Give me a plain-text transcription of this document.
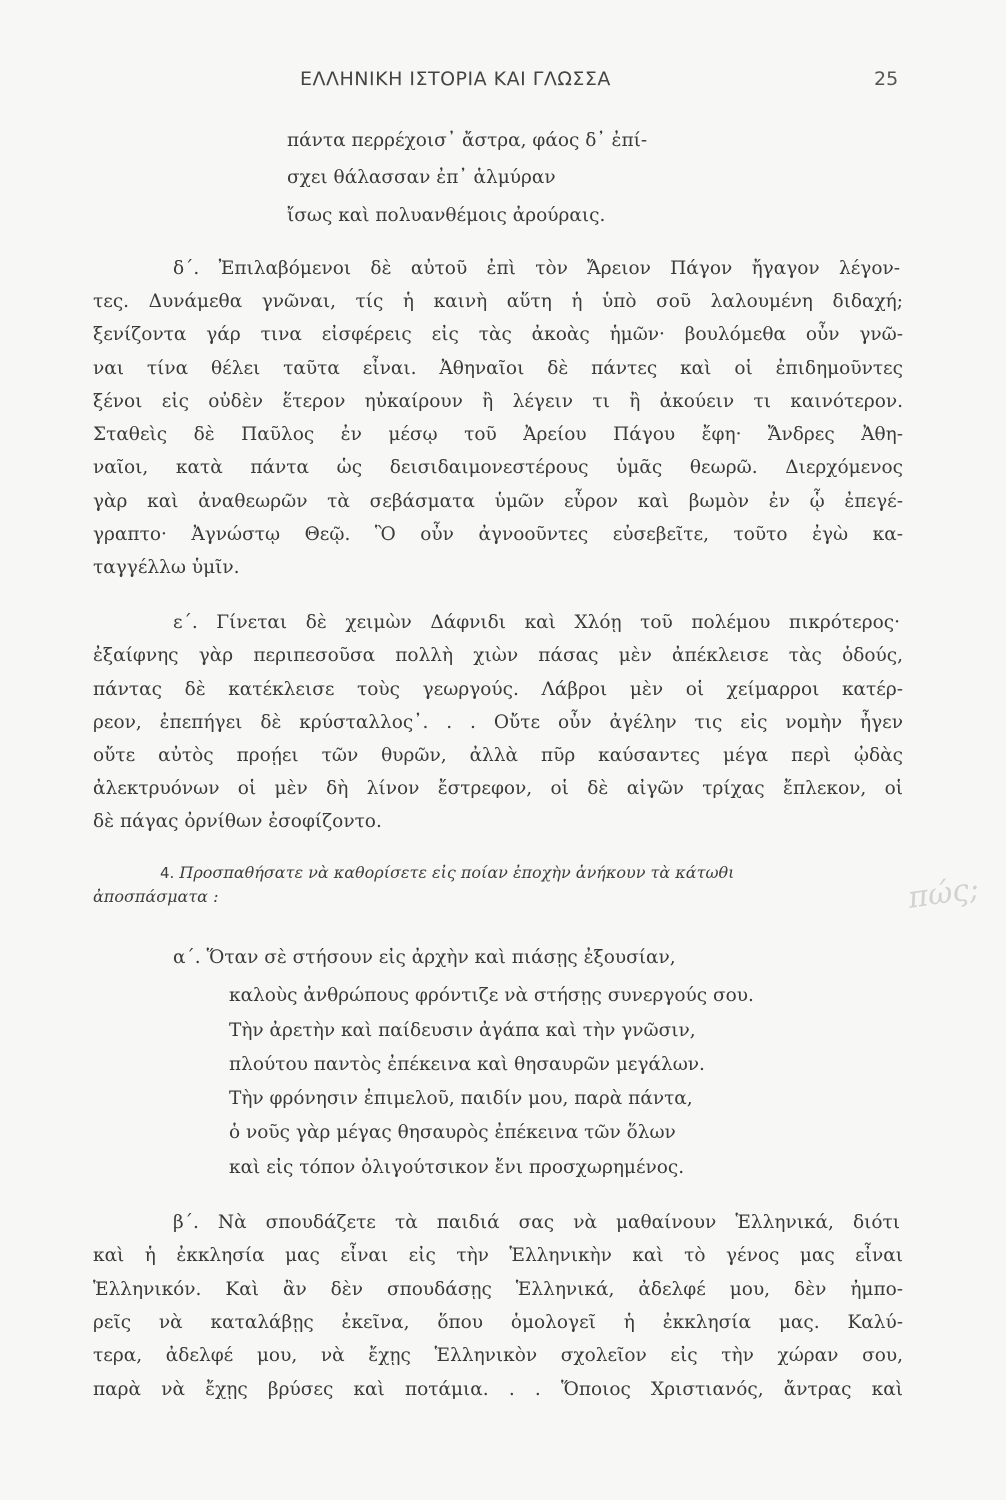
ΕΛΛΗΝΙΚΗ ΙΣΤΟΡΙΑ ΚΑΙ ΓΛΩΣΣΑ	25
πάντα περρέχοισ᾽ ἄστρα, φάος δ᾽ ἐπί-
σχει θάλασσαν ἐπ᾽ ἁλμύραν
ἴσως καὶ πολυανθέμοις ἀρούραις.
δ΄. Ἐπιλαβόμενοι δὲ αὐτοῦ ἐπὶ τὸν Ἄρειον Πάγον ἤγαγον λέγον-
τες. Δυνάμεθα γνῶναι, τίς ἡ καινὴ αὕτη ἡ ὑπὸ σοῦ λαλουμένη διδαχή;
ξενίζοντα γάρ τινα εἰσφέρεις εἰς τὰς ἀκοὰς ἡμῶν· βουλόμεθα οὖν γνῶ-
ναι τίνα θέλει ταῦτα εἶναι. Ἀθηναῖοι δὲ πάντες καὶ οἱ ἐπιδημοῦντες
ξένοι εἰς οὐδὲν ἕτερον ηὐκαίρουν ἢ λέγειν τι ἢ ἀκούειν τι καινότερον.
Σταθεὶς δὲ Παῦλος ἐν μέσῳ τοῦ Ἀρείου Πάγου ἔφη· Ἄνδρες Ἀθη-
ναῖοι, κατὰ πάντα ὡς δεισιδαιμονεστέρους ὑμᾶς θεωρῶ. Διερχόμενος
γὰρ καὶ ἀναθεωρῶν τὰ σεβάσματα ὑμῶν εὗρον καὶ βωμὸν ἐν ᾧ ἐπεγέ-
γραπτο· Ἀγνώστῳ Θεῷ. Ὃ οὖν ἀγνοοῦντες εὐσεβεῖτε, τοῦτο ἐγὼ κα-
ταγγέλλω ὑμῖν.
ε΄. Γίνεται δὲ χειμὼν Δάφνιδι καὶ Χλόῃ τοῦ πολέμου πικρότερος·
ἐξαίφνης γὰρ περιπεσοῦσα πολλὴ χιὼν πάσας μὲν ἀπέκλεισε τὰς ὁδούς,
πάντας δὲ κατέκλεισε τοὺς γεωργούς. Λάβροι μὲν οἱ χείμαρροι κατέρ-
ρεον, ἐπεπήγει δὲ κρύσταλλος᾽. . . Οὔτε οὖν ἀγέλην τις εἰς νομὴν ἦγεν
οὔτε αὐτὸς προῄει τῶν θυρῶν, ἀλλὰ πῦρ καύσαντες μέγα περὶ ᾠδὰς
ἀλεκτρυόνων οἱ μὲν δὴ λίνον ἔστρεφον, οἱ δὲ αἰγῶν τρίχας ἔπλεκον, οἱ
δὲ πάγας ὀρνίθων ἐσοφίζοντο.
4. Προσπαθήσατε νὰ καθορίσετε εἰς ποίαν ἐποχὴν ἀνήκουν τὰ κάτωθι
ἀποσπάσματα :	πώς;
α΄. Ὅταν σὲ στήσουν εἰς ἀρχὴν καὶ πιάσῃς ἐξουσίαν,
καλοὺς ἀνθρώπους φρόντιζε νὰ στήσῃς συνεργούς σου.
Τὴν ἀρετὴν καὶ παίδευσιν ἀγάπα καὶ τὴν γνῶσιν,
πλούτου παντὸς ἐπέκεινα καὶ θησαυρῶν μεγάλων.
Τὴν φρόνησιν ἐπιμελοῦ, παιδίν μου, παρὰ πάντα,
ὁ νοῦς γὰρ μέγας θησαυρὸς ἐπέκεινα τῶν ὅλων
καὶ εἰς τόπον ὀλιγούτσικον ἔνι προσχωρημένος.
β΄. Νὰ σπουδάζετε τὰ παιδιά σας νὰ μαθαίνουν Ἑλληνικά, διότι
καὶ ἡ ἐκκλησία μας εἶναι εἰς τὴν Ἑλληνικὴν καὶ τὸ γένος μας εἶναι
Ἑλληνικόν. Καὶ ἂν δὲν σπουδάσῃς Ἑλληνικά, ἀδελφέ μου, δὲν ἠμπο-
ρεῖς νὰ καταλάβῃς ἐκεῖνα, ὅπου ὁμολογεῖ ἡ ἐκκλησία μας. Καλύ-
τερα, ἀδελφέ μου, νὰ ἔχῃς Ἑλληνικὸν σχολεῖον εἰς τὴν χώραν σου,
παρὰ νὰ ἔχῃς βρύσες καὶ ποτάμια. . . Ὅποιος Χριστιανός, ἄντρας καὶ
